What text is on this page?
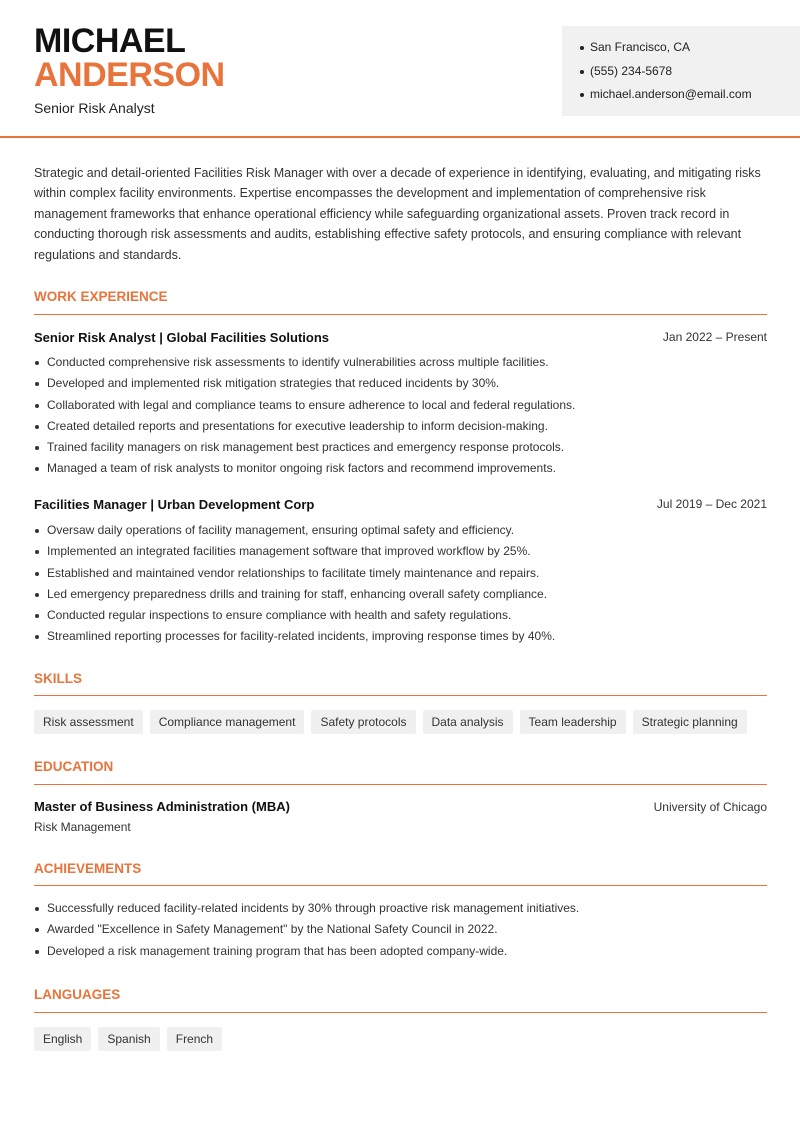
MICHAEL
ANDERSON
Senior Risk Analyst
San Francisco, CA
(555) 234-5678
michael.anderson@email.com

Strategic and detail-oriented Facilities Risk Manager with over a decade of experience in identifying, evaluating, and mitigating risks within complex facility environments. Expertise encompasses the development and implementation of comprehensive risk management frameworks that enhance operational efficiency while safeguarding organizational assets. Proven track record in conducting thorough risk assessments and audits, establishing effective safety protocols, and ensuring compliance with relevant regulations and standards.

WORK EXPERIENCE
Senior Risk Analyst | Global Facilities Solutions	Jan 2022 – Present
Conducted comprehensive risk assessments to identify vulnerabilities across multiple facilities.
Developed and implemented risk mitigation strategies that reduced incidents by 30%.
Collaborated with legal and compliance teams to ensure adherence to local and federal regulations.
Created detailed reports and presentations for executive leadership to inform decision-making.
Trained facility managers on risk management best practices and emergency response protocols.
Managed a team of risk analysts to monitor ongoing risk factors and recommend improvements.
Facilities Manager | Urban Development Corp	Jul 2019 – Dec 2021
Oversaw daily operations of facility management, ensuring optimal safety and efficiency.
Implemented an integrated facilities management software that improved workflow by 25%.
Established and maintained vendor relationships to facilitate timely maintenance and repairs.
Led emergency preparedness drills and training for staff, enhancing overall safety compliance.
Conducted regular inspections to ensure compliance with health and safety regulations.
Streamlined reporting processes for facility-related incidents, improving response times by 40%.
SKILLS
Risk assessment	Compliance management	Safety protocols	Data analysis	Team leadership	Strategic planning
EDUCATION
Master of Business Administration (MBA)	University of Chicago
Risk Management
ACHIEVEMENTS
Successfully reduced facility-related incidents by 30% through proactive risk management initiatives.
Awarded "Excellence in Safety Management" by the National Safety Council in 2022.
Developed a risk management training program that has been adopted company-wide.
LANGUAGES
English	Spanish	French
